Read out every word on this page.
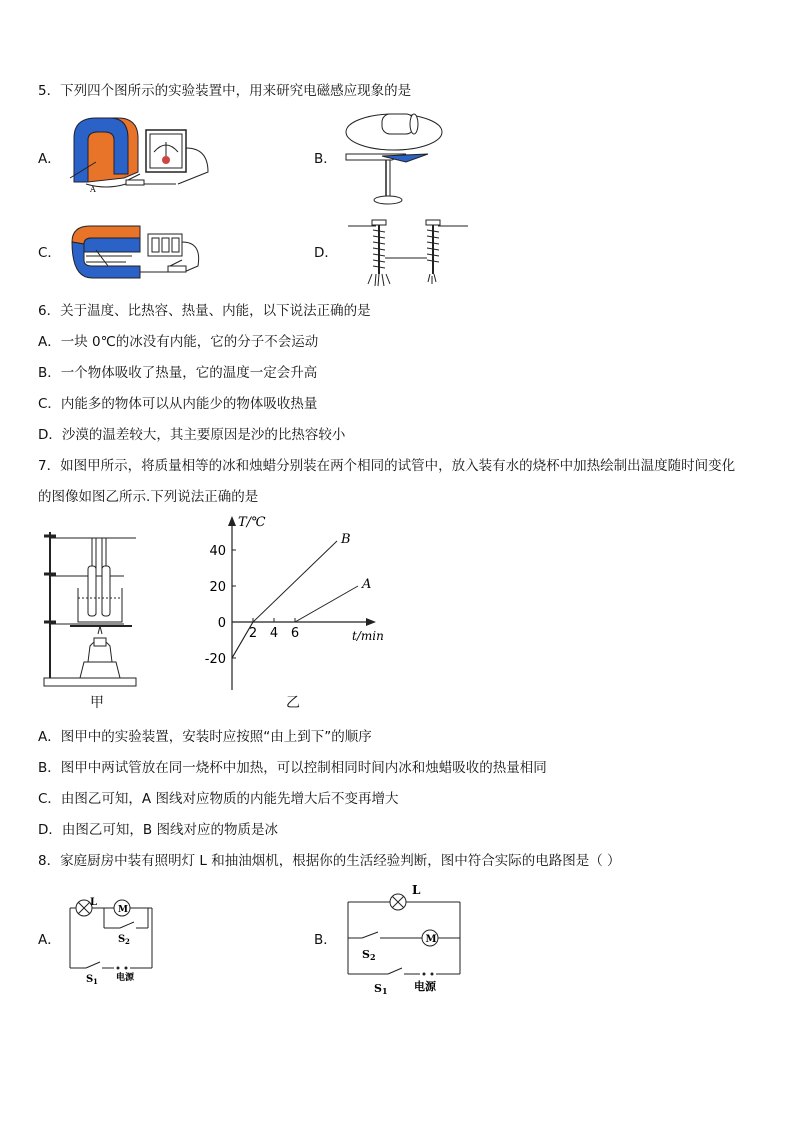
5．下列四个图所示的实验装置中，用来研究电磁感应现象的是
A．
A
B．
C．	D．
6．关于温度、比热容、热量、内能，以下说法正确的是
A．一块 0℃的冰没有内能，它的分子不会运动
B．一个物体吸收了热量，它的温度一定会升高
C．内能多的物体可以从内能少的物体吸收热量
D．沙漠的温差较大，其主要原因是沙的比热容较小
7．如图甲所示，将质量相等的冰和烛蜡分别装在两个相同的试管中，放入装有水的烧杯中加热绘制出温度随时间变化
的图像如图乙所示.下列说法正确的是
甲
T/℃
t/min
40
20
0
-20
2 4 6
B
A
乙
A．图甲中的实验装置，安装时应按照“由上到下”的顺序
B．图甲中两试管放在同一烧杯中加热，可以控制相同时间内冰和烛蜡吸收的热量相同
C．由图乙可知，A 图线对应物质的内能先增大后不变再增大
D．由图乙可知，B 图线对应的物质是冰
8．家庭厨房中装有照明灯 L 和抽油烟机，根据你的生活经验判断，图中符合实际的电路图是（ ）
A．
L
M
S 2
S 1 电源
B．
L
M
S 2
S 1 电源
